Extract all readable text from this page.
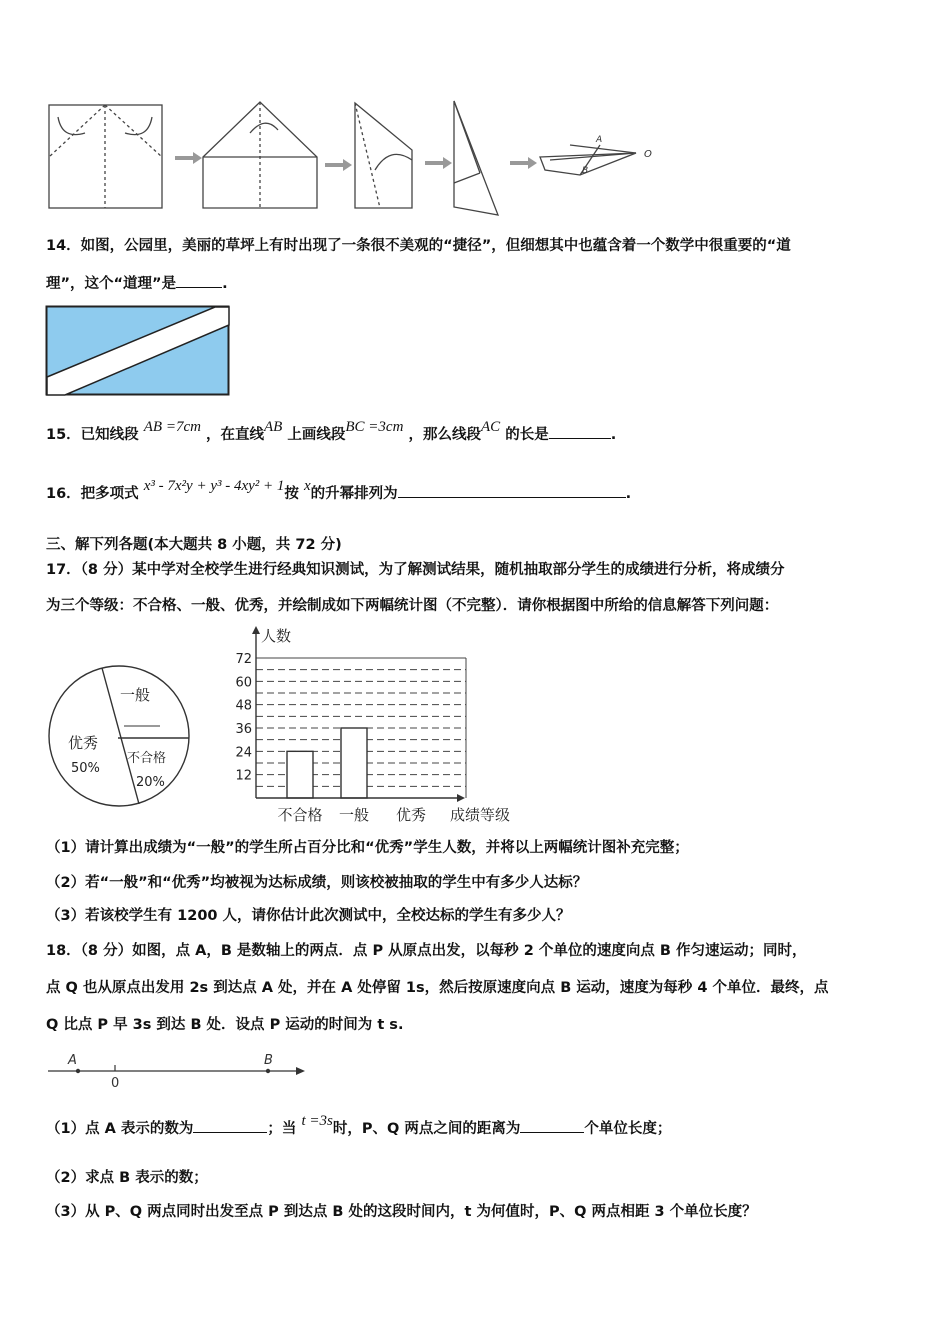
A
B
O
14．如图，公园里，美丽的草坪上有时出现了一条很不美观的“捷径”，但细想其中也蕴含着一个数学中很重要的“道
理”，这个“道理”是	.
15．已知线段 AB =7cm ，在直线AB 上画线段BC =3cm ，那么线段AC 的长是	.
16．把多项式 x³ - 7x²y + y³ - 4xy² + 1按 x的升幂排列为	.
三、解下列各题(本大题共 8 小题，共 72 分)
17．（8 分）某中学对全校学生进行经典知识测试，为了解测试结果，随机抽取部分学生的成绩进行分析，将成绩分
为三个等级：不合格、一般、优秀，并绘制成如下两幅统计图（不完整）．请你根据图中所给的信息解答下列问题：
一般
优秀
50%
不合格
20%	12
24
36
48
60
72
人数
成绩等级
不合格 一般 优秀
（1）请计算出成绩为“一般”的学生所占百分比和“优秀”学生人数，并将以上两幅统计图补充完整；
（2）若“一般”和“优秀”均被视为达标成绩，则该校被抽取的学生中有多少人达标？
（3）若该校学生有 1200 人，请你估计此次测试中，全校达标的学生有多少人？
18．（8 分）如图，点 A，B 是数轴上的两点．点 P 从原点出发，以每秒 2 个单位的速度向点 B 作匀速运动；同时，
点 Q 也从原点出发用 2s 到达点 A 处，并在 A 处停留 1s，然后按原速度向点 B 运动，速度为每秒 4 个单位．最终，点
Q 比点 P 早 3s 到达 B 处．设点 P 运动的时间为 t s.
A
0
B
（1）点 A 表示的数为	；当 t =3s时，P、Q 两点之间的距离为	个单位长度；
（2）求点 B 表示的数；
（3）从 P、Q 两点同时出发至点 P 到达点 B 处的这段时间内，t 为何值时，P、Q 两点相距 3 个单位长度？
